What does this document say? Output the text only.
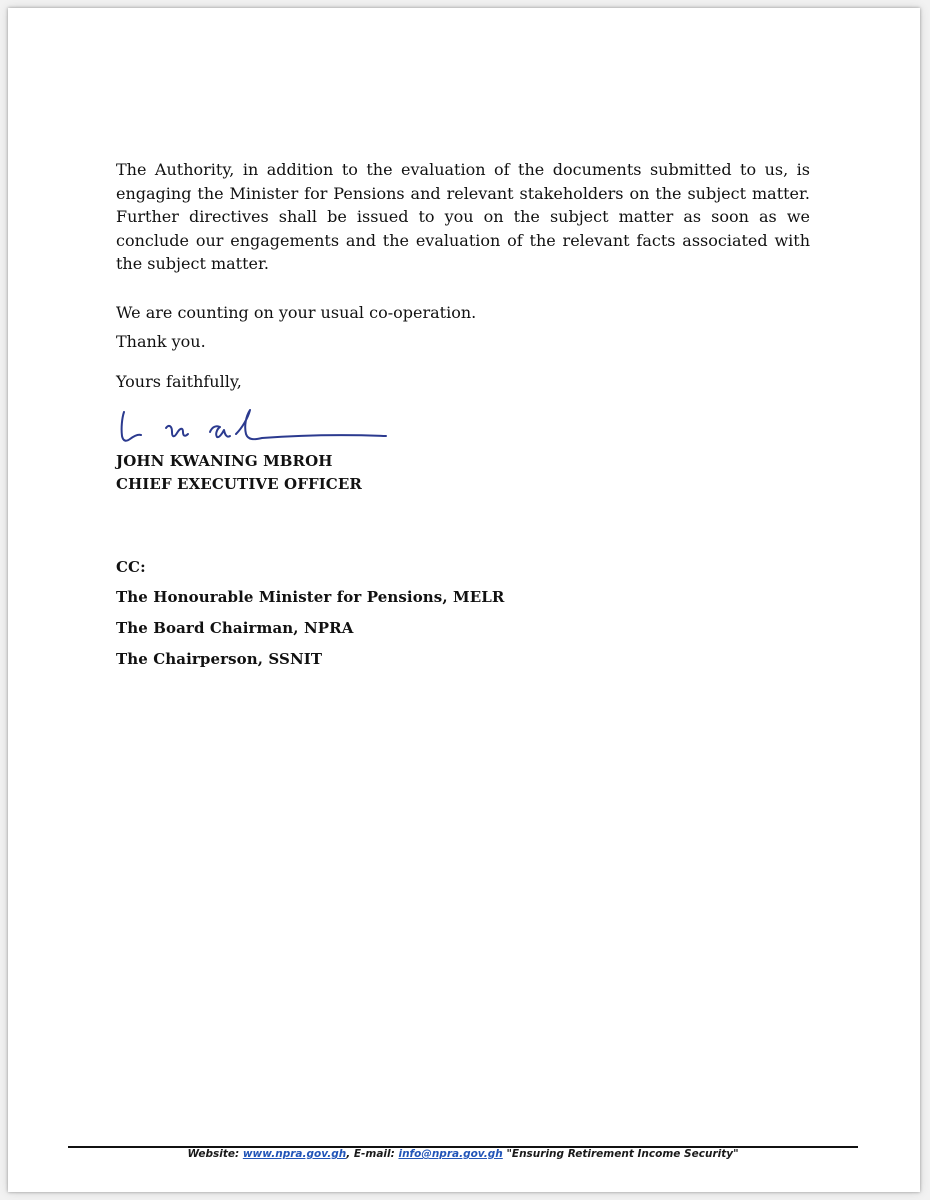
The Authority, in addition to the evaluation of the documents submitted to us, is engaging the Minister for Pensions and relevant stakeholders on the subject matter. Further directives shall be issued to you on the subject matter as soon as we conclude our engagements and the evaluation of the relevant facts associated with the subject matter.

We are counting on your usual co-operation.

Thank you.

Yours faithfully,

JOHN KWANING MBROH

CHIEF EXECUTIVE OFFICER

CC:

The Honourable Minister for Pensions, MELR

The Board Chairman, NPRA

The Chairperson, SSNIT

Website: www.npra.gov.gh, E-mail: info@npra.gov.gh "Ensuring Retirement Income Security"
